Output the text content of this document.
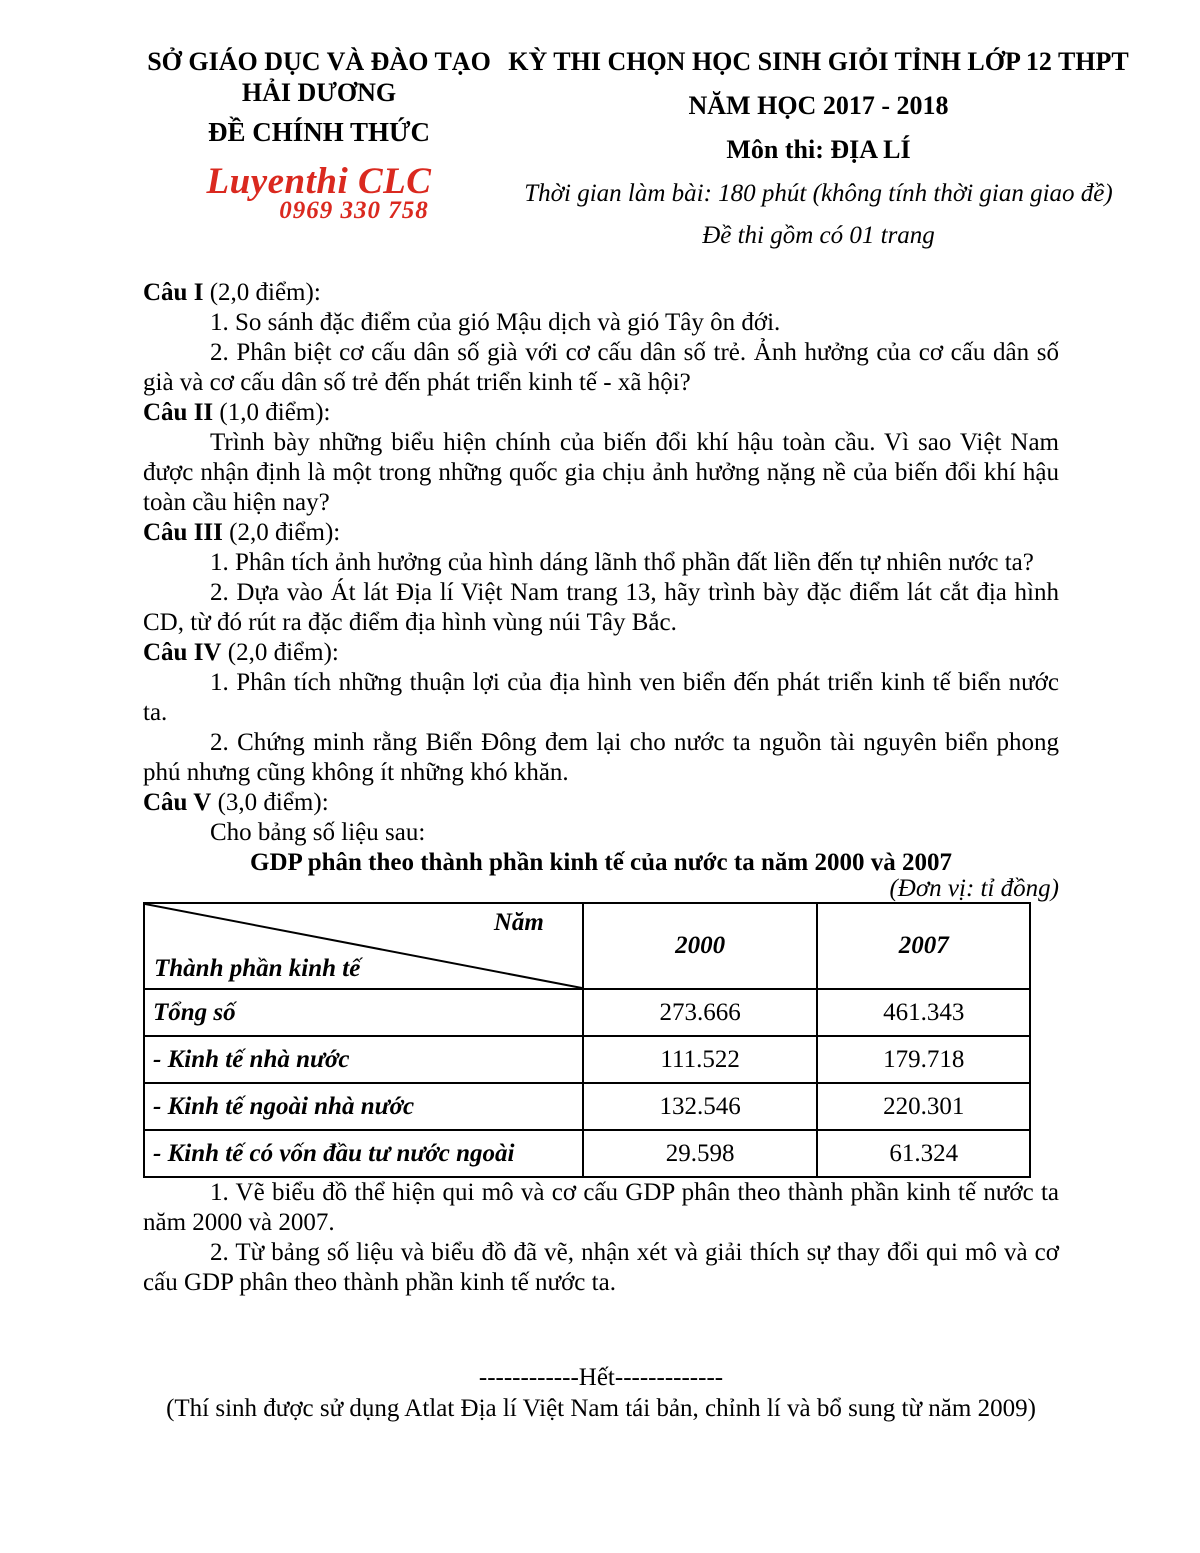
SỞ GIÁO DỤC VÀ ĐÀO TẠO
HẢI DƯƠNG
ĐỀ CHÍNH THỨC
Luyenthi CLC
0969 330 758
KỲ THI CHỌN HỌC SINH GIỎI TỈNH LỚP 12 THPT
NĂM HỌC 2017 - 2018
Môn thi: ĐỊA LÍ
Thời gian làm bài: 180 phút (không tính thời gian giao đề)
Đề thi gồm có 01 trang

Câu I (2,0 điểm):

1. So sánh đặc điểm của gió Mậu dịch và gió Tây ôn đới.

2. Phân biệt cơ cấu dân số già với cơ cấu dân số trẻ. Ảnh hưởng của cơ cấu dân số già và cơ cấu dân số trẻ đến phát triển kinh tế - xã hội?

Câu II (1,0 điểm):

Trình bày những biểu hiện chính của biến đổi khí hậu toàn cầu. Vì sao Việt Nam được nhận định là một trong những quốc gia chịu ảnh hưởng nặng nề của biến đổi khí hậu toàn cầu hiện nay?

Câu III (2,0 điểm):

1. Phân tích ảnh hưởng của hình dáng lãnh thổ phần đất liền đến tự nhiên nước ta?

2. Dựa vào Át lát Địa lí Việt Nam trang 13, hãy trình bày đặc điểm lát cắt địa hình CD, từ đó rút ra đặc điểm địa hình vùng núi Tây Bắc.

Câu IV (2,0 điểm):

1. Phân tích những thuận lợi của địa hình ven biển đến phát triển kinh tế biển nước ta.

2. Chứng minh rằng Biển Đông đem lại cho nước ta nguồn tài nguyên biển phong phú nhưng cũng không ít những khó khăn.

Câu V (3,0 điểm):

Cho bảng số liệu sau:

GDP phân theo thành phần kinh tế của nước ta năm 2000 và 2007

(Đơn vị: tỉ đồng)

Năm
Thành phần kinh tế	2000	2007
Tổng số	273.666	461.343
- Kinh tế nhà nước	111.522	179.718
- Kinh tế ngoài nhà nước	132.546	220.301
- Kinh tế có vốn đầu tư nước ngoài	29.598	61.324

1. Vẽ biểu đồ thể hiện qui mô và cơ cấu GDP phân theo thành phần kinh tế nước ta năm 2000 và 2007.

2. Từ bảng số liệu và biểu đồ đã vẽ, nhận xét và giải thích sự thay đổi qui mô và cơ cấu GDP phân theo thành phần kinh tế nước ta.

------------Hết-------------
(Thí sinh được sử dụng Atlat Địa lí Việt Nam tái bản, chỉnh lí và bổ sung từ năm 2009)
